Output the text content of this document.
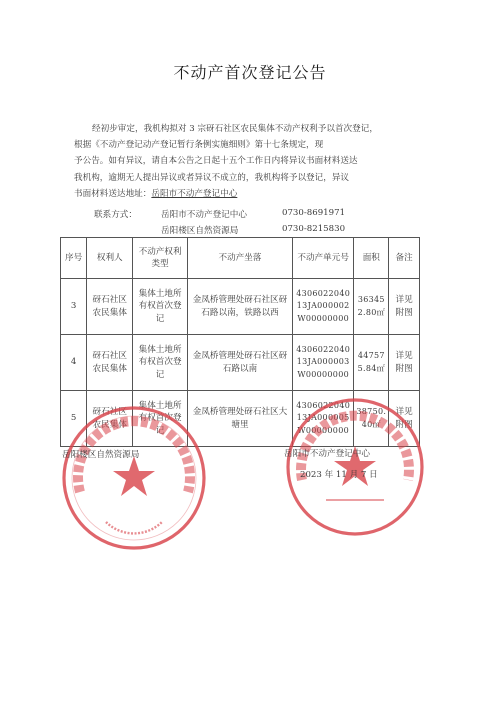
不动产首次登记公告
经初步审定，我机构拟对 3 宗砑石社区农民集体不动产权利予以首次登记，
根据《不动产登记动产登记暂行条例实施细则》第十七条规定，现
予公告。如有异议，请自本公告之日起十五个工作日内将异议书面材料送达
我机构，逾期无人提出异议或者异议不成立的，我机构将予以登记，异议
书面材料送达地址：岳阳市不动产登记中心
联系方式：	岳阳市不动产登记中心	0730-8691971
岳阳楼区自然资源局	0730-8215830
序号	权利人	不动产权利类型	不动产坐落	不动产单元号	面积	备注
3	砑石社区农民集体	集体土地所有权首次登记	金凤桥管理处砑石社区砑石路以南，铁路以西	430602204013JA000002W00000000	363452.80㎡	详见附图
4	砑石社区农民集体	集体土地所有权首次登记	金凤桥管理处砑石社区砑石路以南	430602204013JA000003W00000000	447575.84㎡	详见附图
5	砑石社区农民集体	集体土地所有权首次登记	金凤桥管理处砑石社区大塘里	430602204013JA000005W00000000	38750.40㎡	详见附图
岳阳楼区自然资源局	岳阳市不动产登记中心
2023 年 11 月 7 日
